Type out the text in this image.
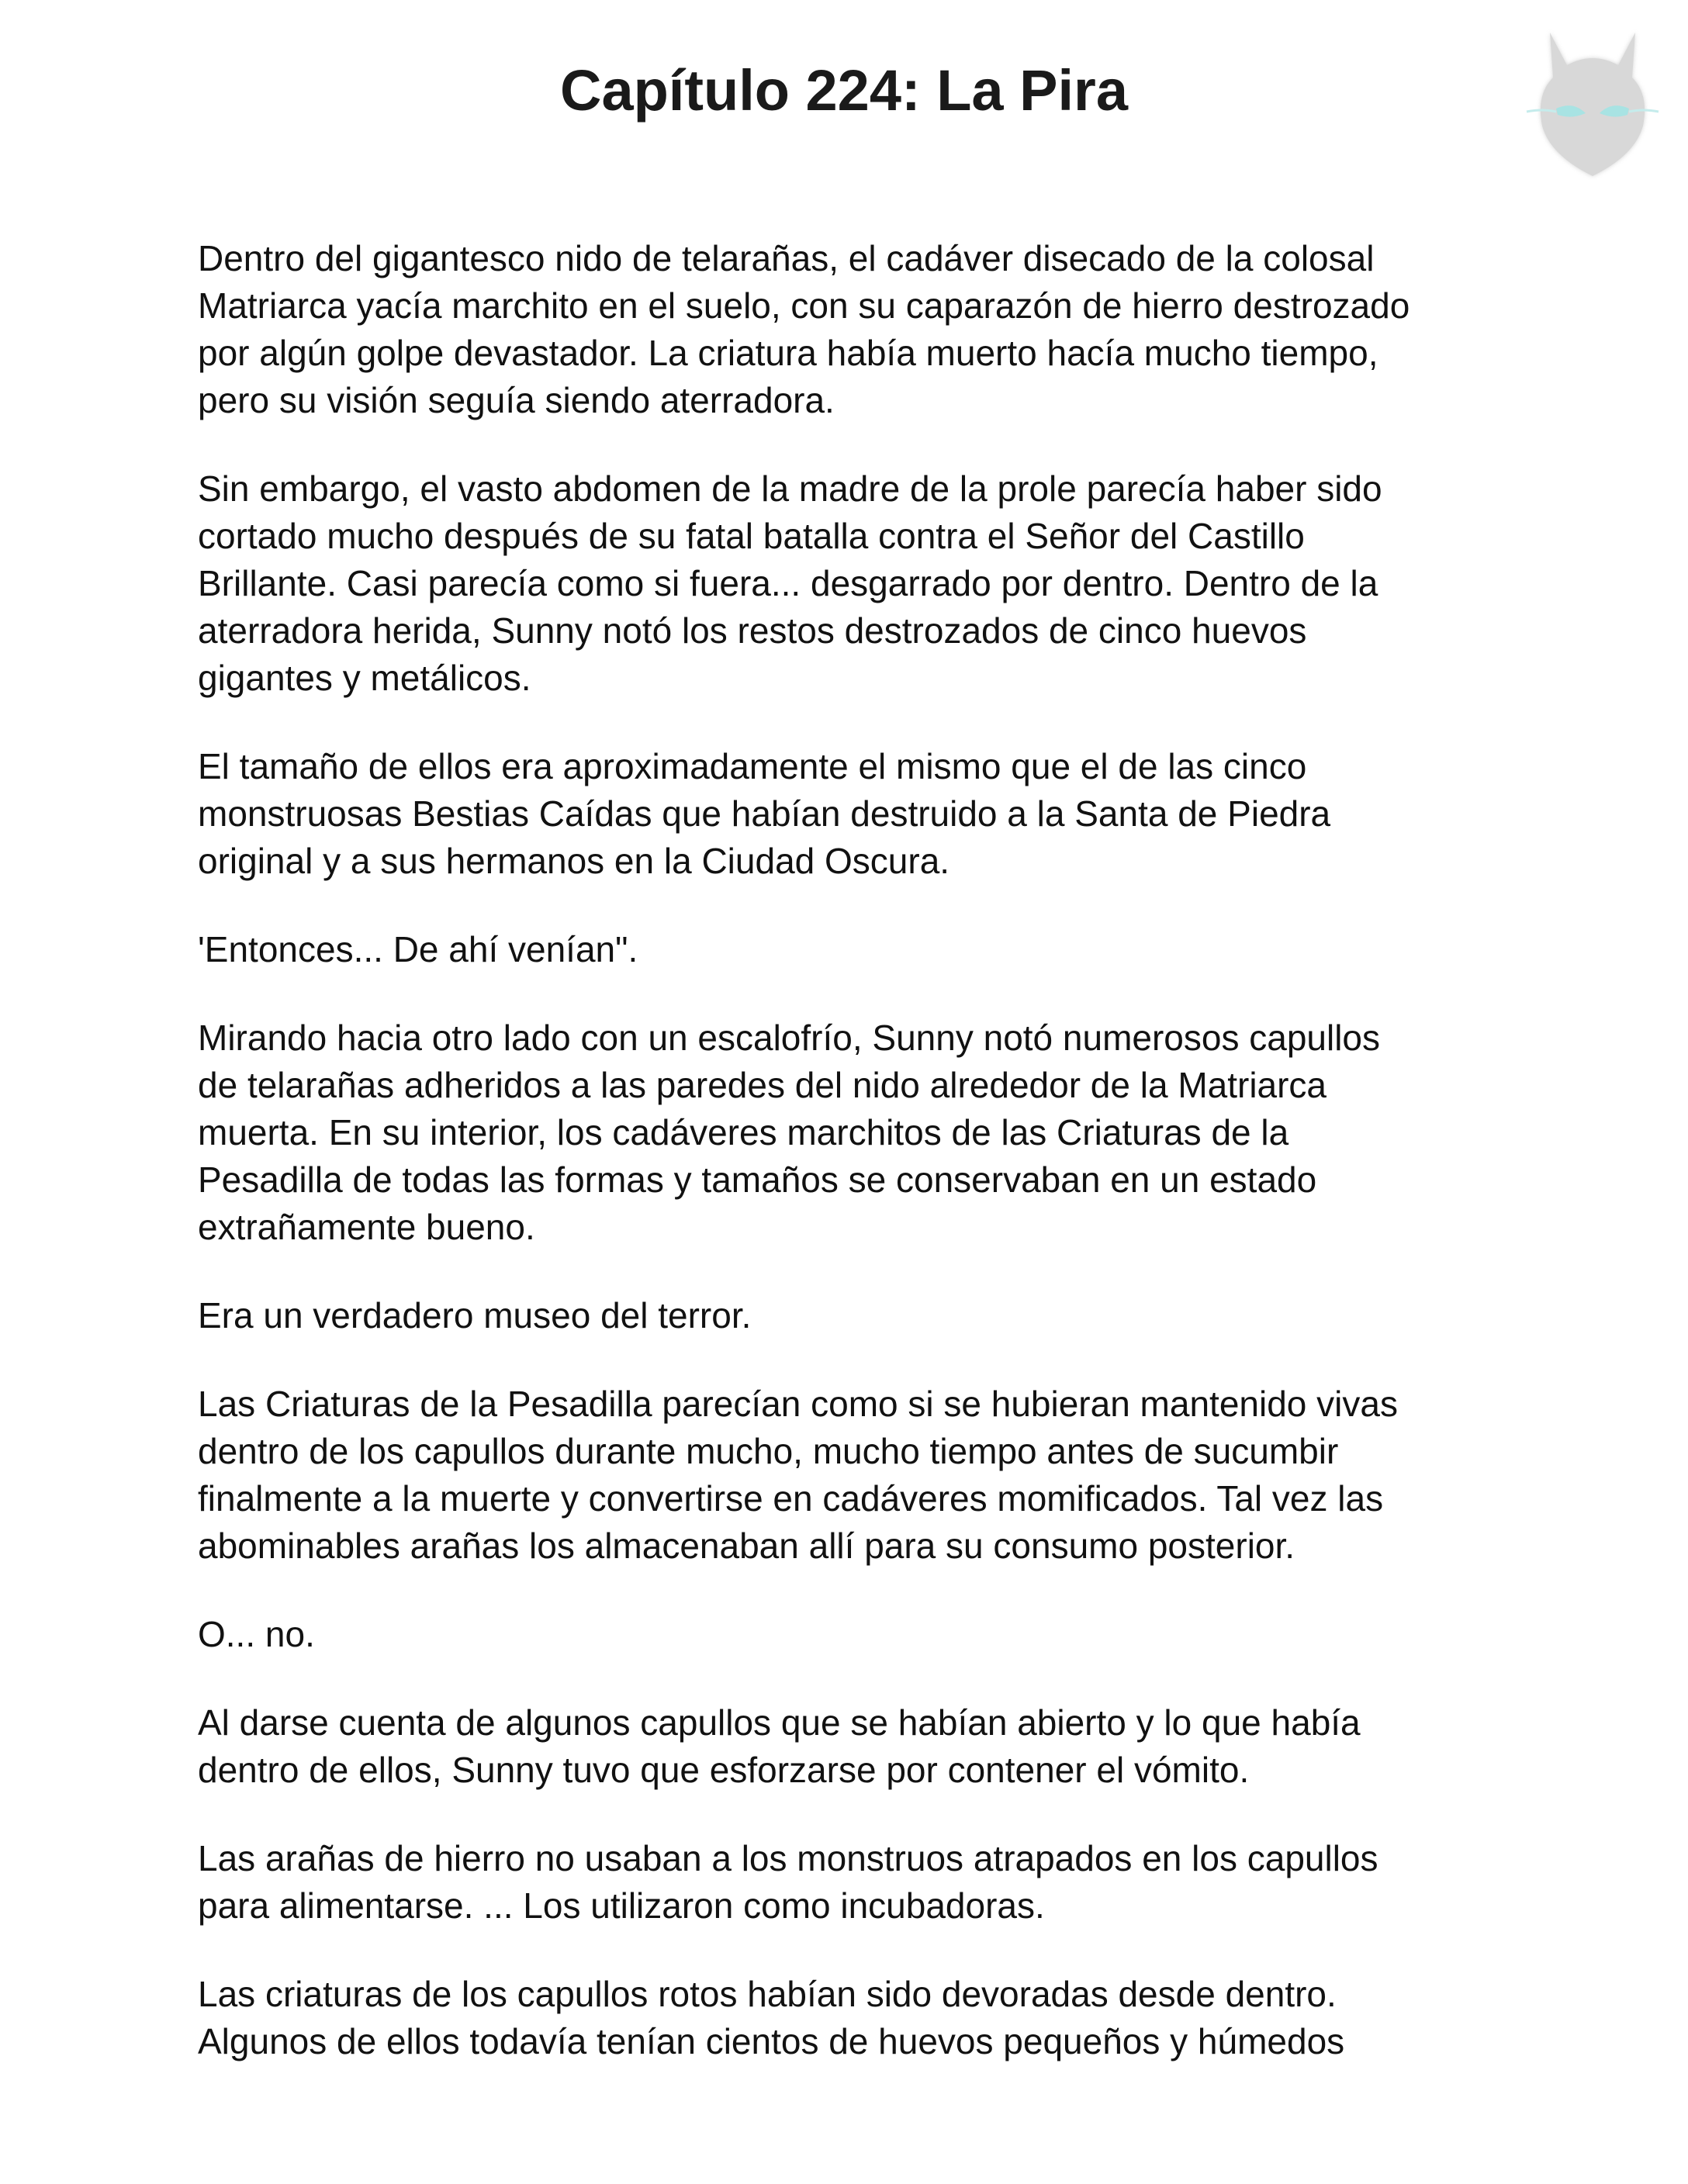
Capítulo 224: La Pira

Dentro del gigantesco nido de telarañas, el cadáver disecado de la colosal
Matriarca yacía marchito en el suelo, con su caparazón de hierro destrozado
por algún golpe devastador. La criatura había muerto hacía mucho tiempo,
pero su visión seguía siendo aterradora.

Sin embargo, el vasto abdomen de la madre de la prole parecía haber sido
cortado mucho después de su fatal batalla contra el Señor del Castillo
Brillante. Casi parecía como si fuera... desgarrado por dentro. Dentro de la
aterradora herida, Sunny notó los restos destrozados de cinco huevos
gigantes y metálicos.

El tamaño de ellos era aproximadamente el mismo que el de las cinco
monstruosas Bestias Caídas que habían destruido a la Santa de Piedra
original y a sus hermanos en la Ciudad Oscura.

'Entonces... De ahí venían".

Mirando hacia otro lado con un escalofrío, Sunny notó numerosos capullos
de telarañas adheridos a las paredes del nido alrededor de la Matriarca
muerta. En su interior, los cadáveres marchitos de las Criaturas de la
Pesadilla de todas las formas y tamaños se conservaban en un estado
extrañamente bueno.

Era un verdadero museo del terror.

Las Criaturas de la Pesadilla parecían como si se hubieran mantenido vivas
dentro de los capullos durante mucho, mucho tiempo antes de sucumbir
finalmente a la muerte y convertirse en cadáveres momificados. Tal vez las
abominables arañas los almacenaban allí para su consumo posterior.

O... no.

Al darse cuenta de algunos capullos que se habían abierto y lo que había
dentro de ellos, Sunny tuvo que esforzarse por contener el vómito.

Las arañas de hierro no usaban a los monstruos atrapados en los capullos
para alimentarse. ... Los utilizaron como incubadoras.

Las criaturas de los capullos rotos habían sido devoradas desde dentro.
Algunos de ellos todavía tenían cientos de huevos pequeños y húmedos
